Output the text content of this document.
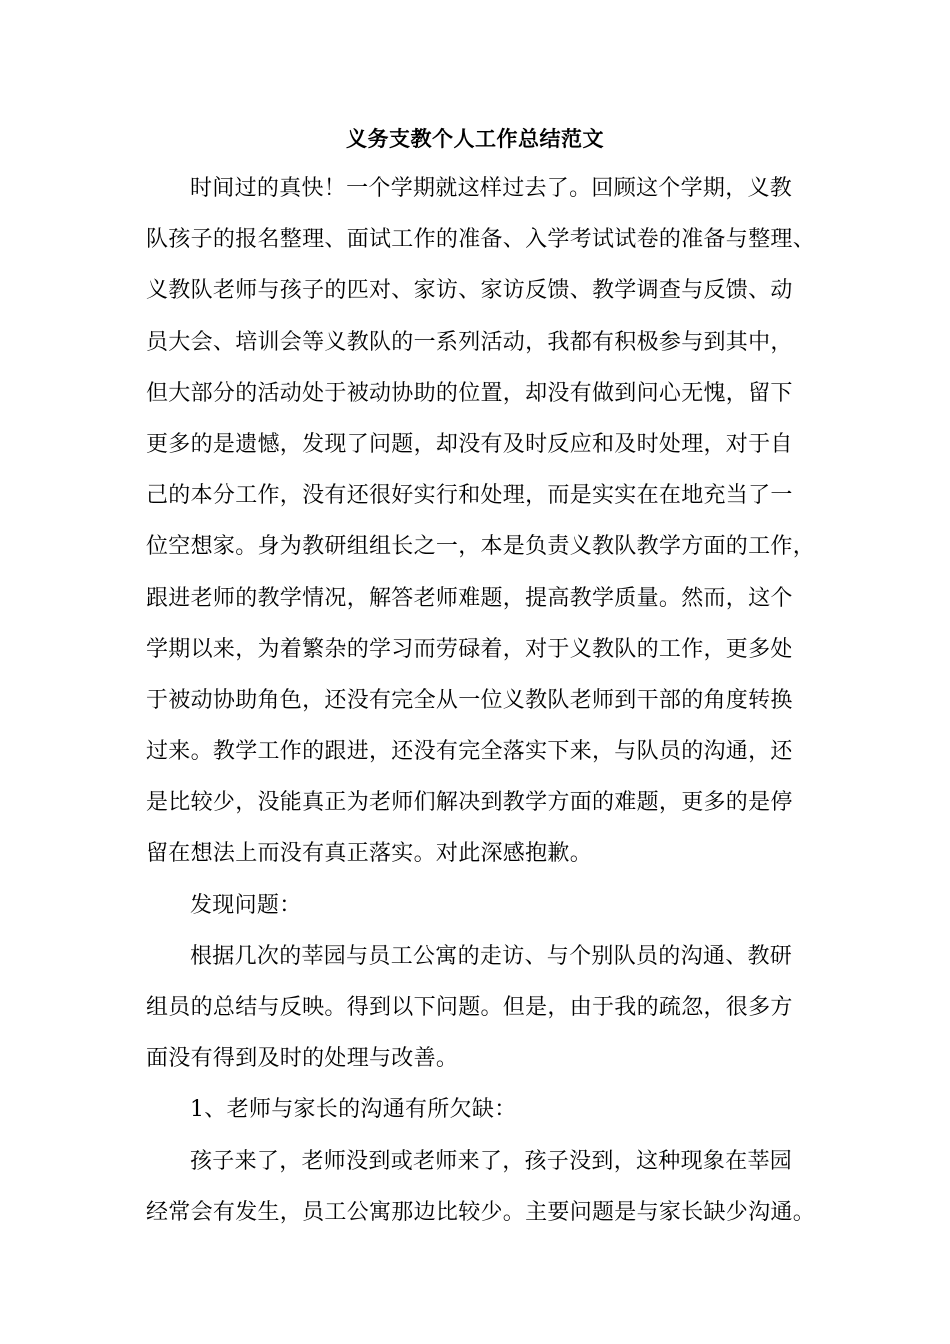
义务支教个人工作总结范文
时间过的真快！一个学期就这样过去了。回顾这个学期，义教
队孩子的报名整理、面试工作的准备、入学考试试卷的准备与整理、
义教队老师与孩子的匹对、家访、家访反馈、教学调查与反馈、动
员大会、培训会等义教队的一系列活动，我都有积极参与到其中，
但大部分的活动处于被动协助的位置，却没有做到问心无愧，留下
更多的是遗憾，发现了问题，却没有及时反应和及时处理，对于自
己的本分工作，没有还很好实行和处理，而是实实在在地充当了一
位空想家。身为教研组组长之一，本是负责义教队教学方面的工作，
跟进老师的教学情况，解答老师难题，提高教学质量。然而，这个
学期以来，为着繁杂的学习而劳碌着，对于义教队的工作，更多处
于被动协助角色，还没有完全从一位义教队老师到干部的角度转换
过来。教学工作的跟进，还没有完全落实下来，与队员的沟通，还
是比较少，没能真正为老师们解决到教学方面的难题，更多的是停
留在想法上而没有真正落实。对此深感抱歉。
发现问题：
根据几次的莘园与员工公寓的走访、与个别队员的沟通、教研
组员的总结与反映。得到以下问题。但是，由于我的疏忽，很多方
面没有得到及时的处理与改善。
1、老师与家长的沟通有所欠缺：
孩子来了，老师没到或老师来了，孩子没到，这种现象在莘园
经常会有发生，员工公寓那边比较少。主要问题是与家长缺少沟通。
